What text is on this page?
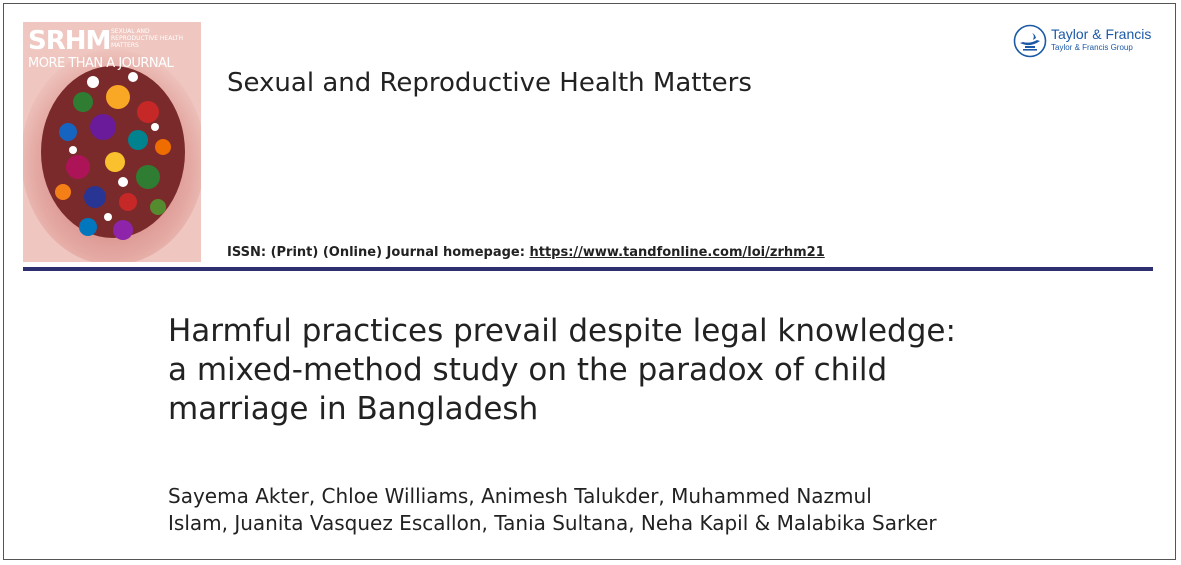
SRHM SEXUAL AND REPRODUCTIVE HEALTH MATTERS
MORE THAN A JOURNAL
Sexual and Reproductive Health Matters
ISSN: (Print) (Online) Journal homepage: https://www.tandfonline.com/loi/zrhm21
Taylor & Francis
Taylor & Francis Group
Harmful practices prevail despite legal knowledge:
a mixed-method study on the paradox of child
marriage in Bangladesh
Sayema Akter, Chloe Williams, Animesh Talukder, Muhammed Nazmul
Islam, Juanita Vasquez Escallon, Tania Sultana, Neha Kapil & Malabika Sarker
